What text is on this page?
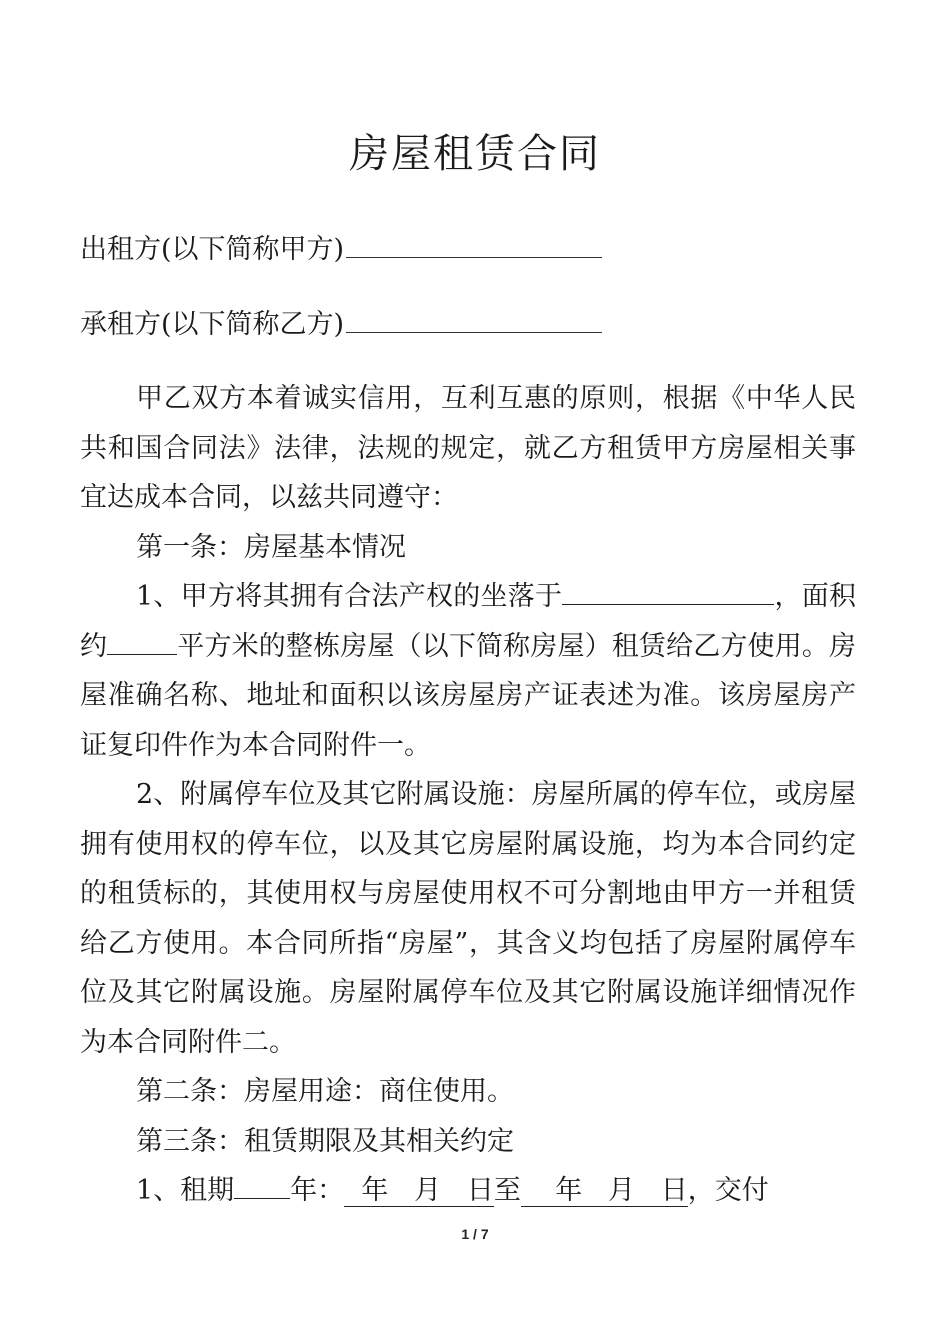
房屋租赁合同
出租方(以下简称甲方)
承租方(以下简称乙方)

甲乙双方本着诚实信用，互利互惠的原则，根据《中华人民共和国合同法》法律，法规的规定，就乙方租赁甲方房屋相关事宜达成本合同，以兹共同遵守：

第一条：房屋基本情况

1、甲方将其拥有合法产权的坐落于	，面积约	平方米的整栋房屋（以下简称房屋）租赁给乙方使用。房屋准确名称、地址和面积以该房屋房产证表述为准。该房屋房产证复印件作为本合同附件一。

2、附属停车位及其它附属设施：房屋所属的停车位，或房屋拥有使用权的停车位，以及其它房屋附属设施，均为本合同约定的租赁标的，其使用权与房屋使用权不可分割地由甲方一并租赁给乙方使用。本合同所指“房屋”，其含义均包括了房屋附属停车位及其它附属设施。房屋附属停车位及其它附属设施详细情况作为本合同附件二。

第二条：房屋用途：商住使用。

第三条：租赁期限及其相关约定

1、租期 年： 年 月 日至 年 月 日，交付

1 / 7
